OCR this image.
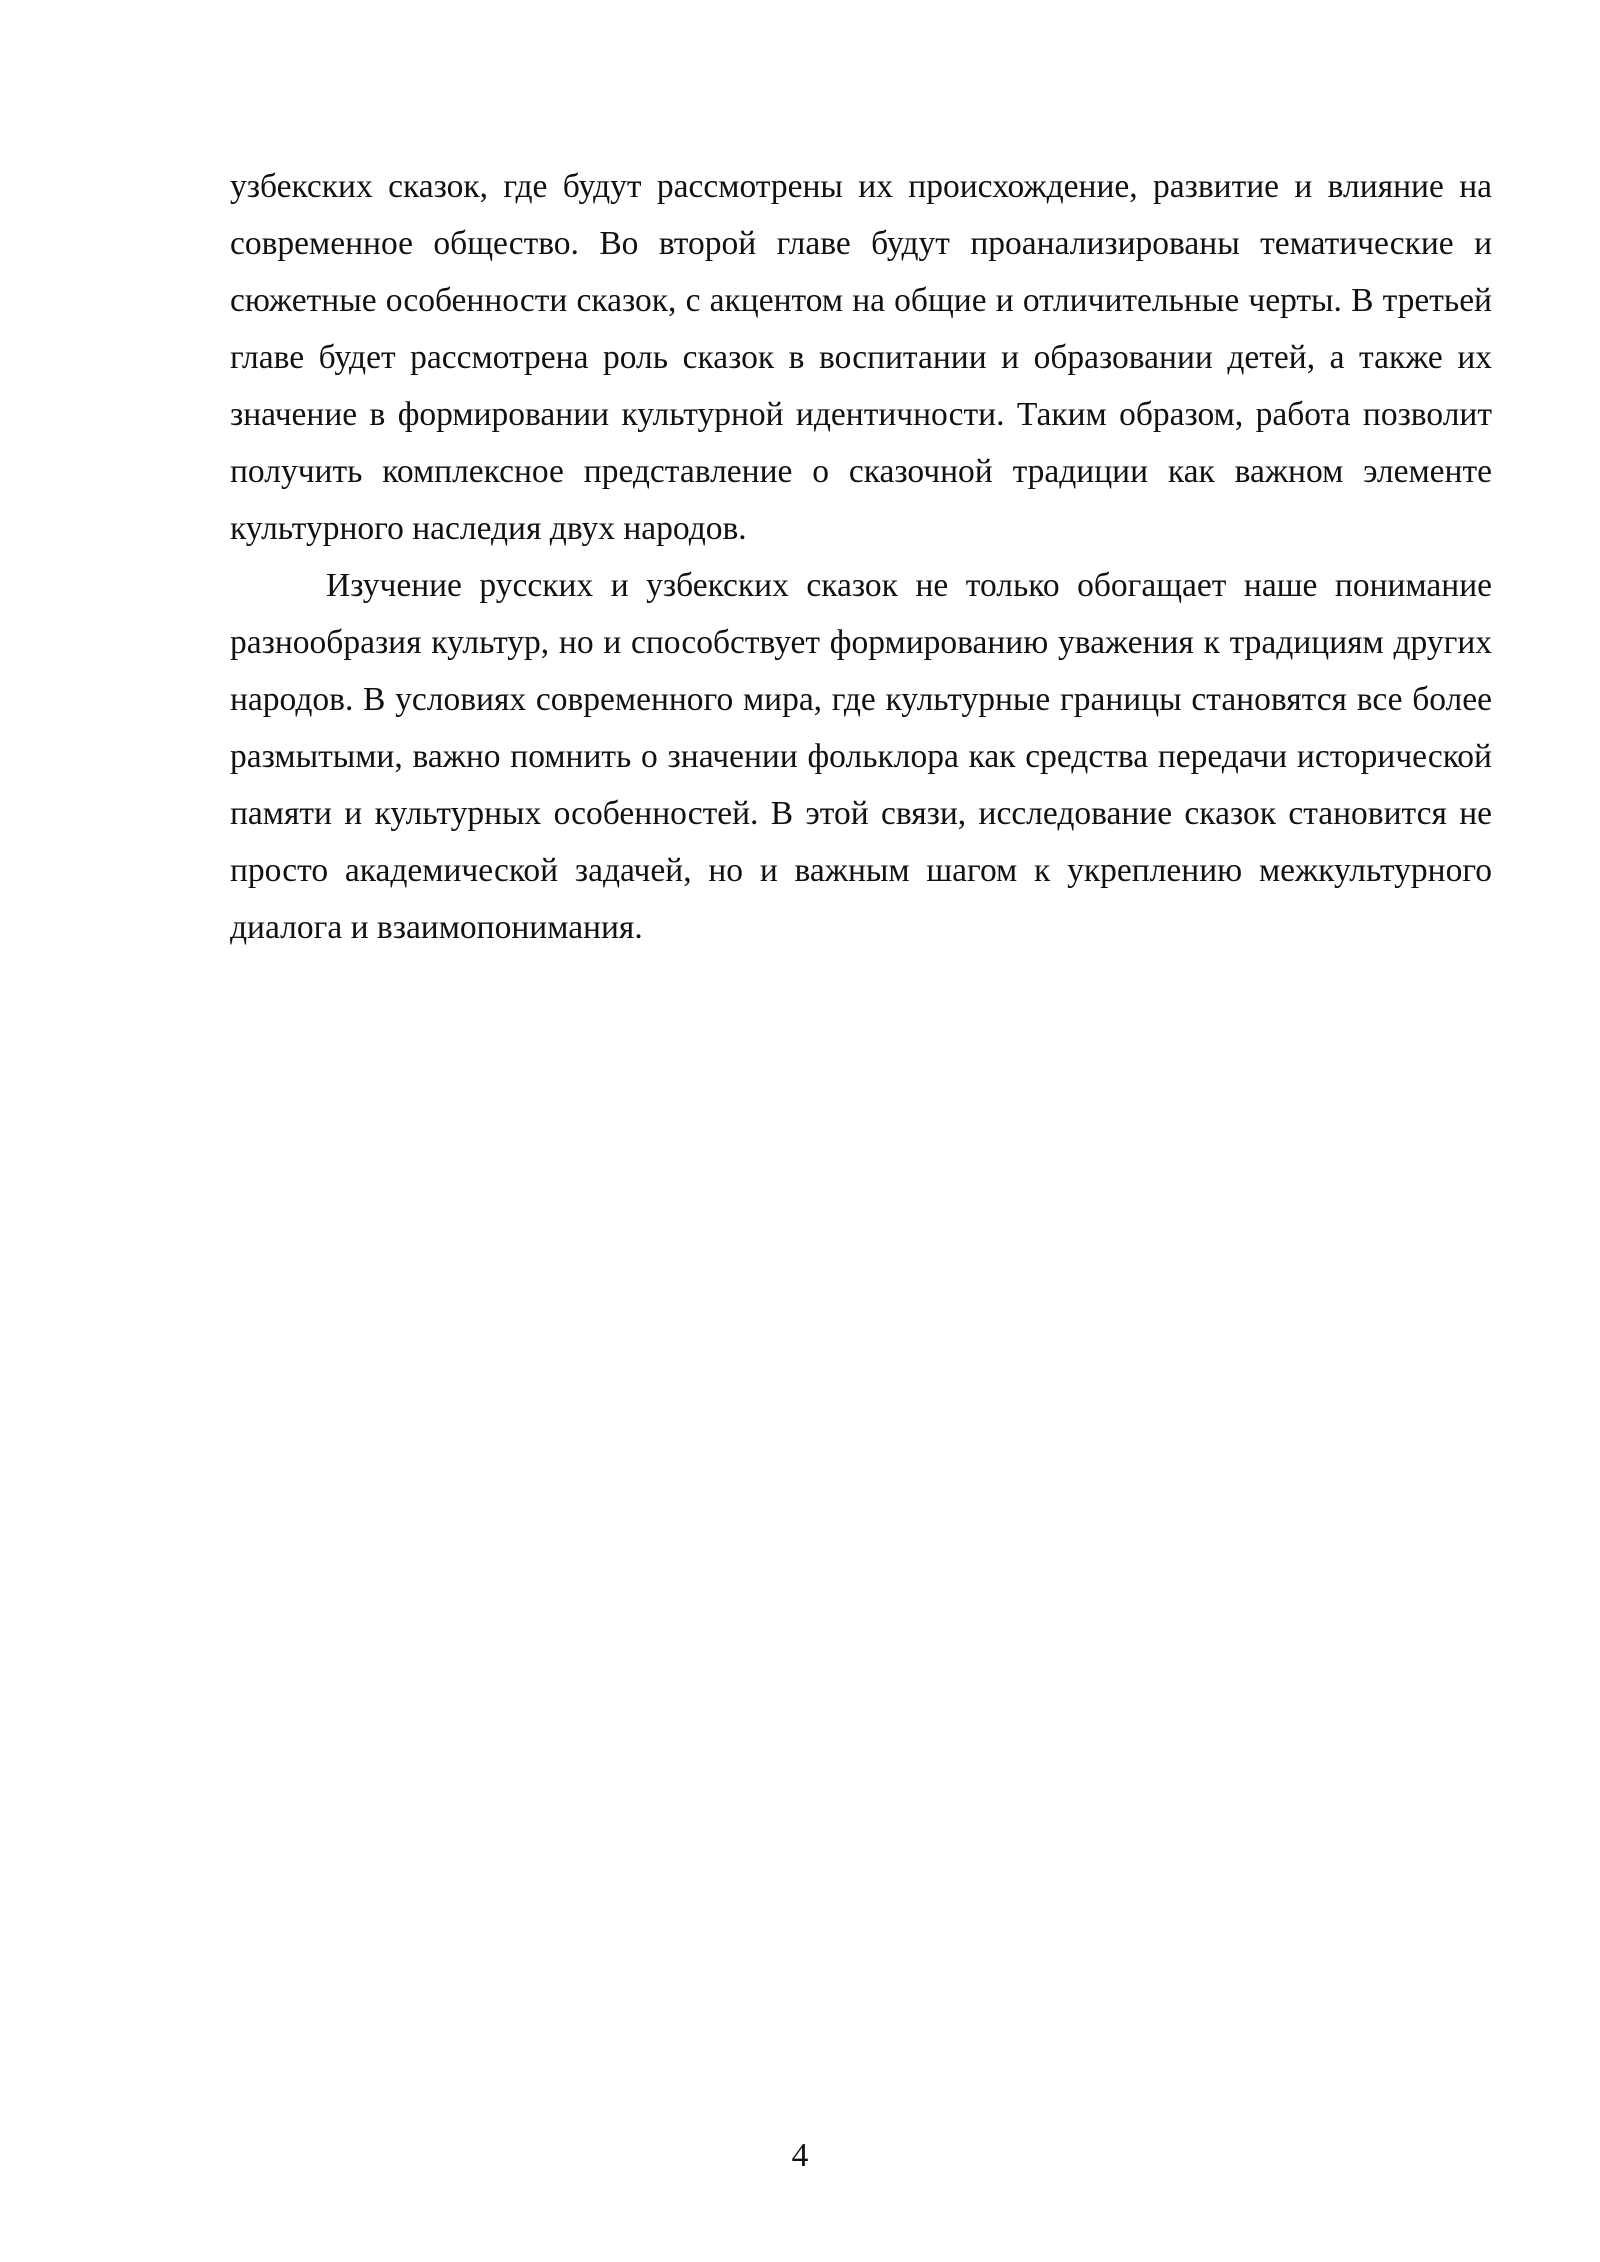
узбекских сказок, где будут рассмотрены их происхождение, развитие и влияние на современное общество. Во второй главе будут проанализированы тематические и сюжетные особенности сказок, с акцентом на общие и отличительные черты. В третьей главе будет рассмотрена роль сказок в воспитании и образовании детей, а также их значение в формировании культурной идентичности. Таким образом, работа позволит получить комплексное представление о сказочной традиции как важном элементе культурного наследия двух народов.

Изучение русских и узбекских сказок не только обогащает наше понимание разнообразия культур, но и способствует формированию уважения к традициям других народов. В условиях современного мира, где культурные границы становятся все более размытыми, важно помнить о значении фольклора как средства передачи исторической памяти и культурных особенностей. В этой связи, исследование сказок становится не просто академической задачей, но и важным шагом к укреплению межкультурного диалога и взаимопонимания.

4
